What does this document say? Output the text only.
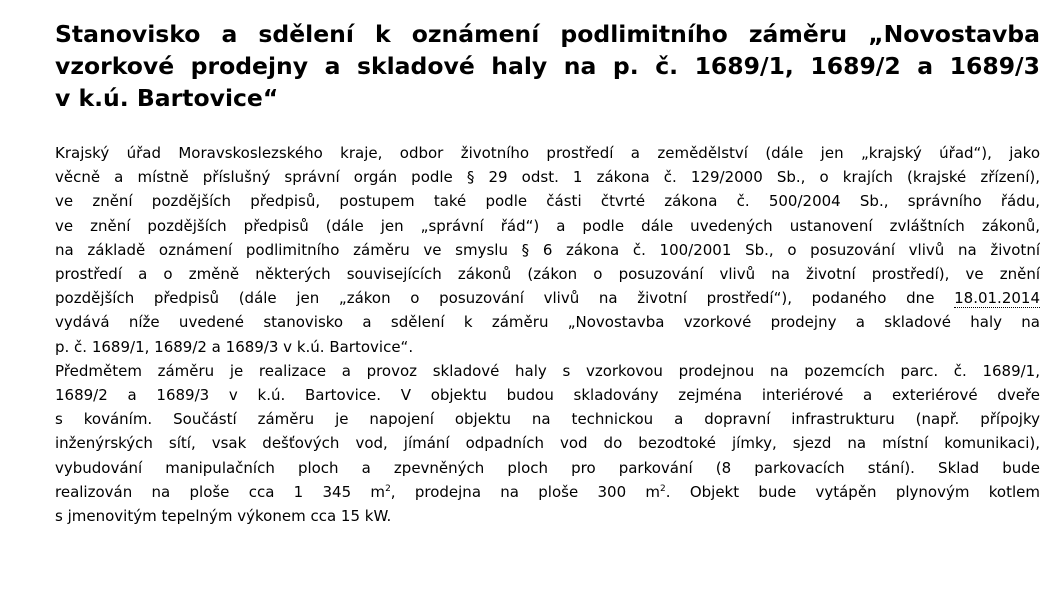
Stanovisko a sdělení k oznámení podlimitního záměru „Novostavba
vzorkové prodejny a skladové haly na p. č. 1689/1, 1689/2 a 1689/3
v k.ú. Bartovice“

Krajský úřad Moravskoslezského kraje, odbor životního prostředí a zemědělství (dále jen „krajský úřad“), jako
věcně a místně příslušný správní orgán podle § 29 odst. 1 zákona č. 129/2000 Sb., o krajích (krajské zřízení),
ve znění pozdějších předpisů, postupem také podle části čtvrté zákona č. 500/2004 Sb., správního řádu,
ve znění pozdějších předpisů (dále jen „správní řád“) a podle dále uvedených ustanovení zvláštních zákonů,
na základě oznámení podlimitního záměru ve smyslu § 6 zákona č. 100/2001 Sb., o posuzování vlivů na životní
prostředí a o změně některých souvisejících zákonů (zákon o posuzování vlivů na životní prostředí), ve znění
pozdějších předpisů (dále jen „zákon o posuzování vlivů na životní prostředí“), podaného dne 18.01.2014
vydává níže uvedené stanovisko a sdělení k záměru „Novostavba vzorkové prodejny a skladové haly na
p. č. 1689/1, 1689/2 a 1689/3 v k.ú. Bartovice“.

Předmětem záměru je realizace a provoz skladové haly s vzorkovou prodejnou na pozemcích parc. č. 1689/1,
1689/2 a 1689/3 v k.ú. Bartovice. V objektu budou skladovány zejména interiérové a exteriérové dveře
s kováním. Součástí záměru je napojení objektu na technickou a dopravní infrastrukturu (např. přípojky
inženýrských sítí, vsak dešťových vod, jímání odpadních vod do bezodtoké jímky, sjezd na místní komunikaci),
vybudování manipulačních ploch a zpevněných ploch pro parkování (8 parkovacích stání). Sklad bude
realizován na ploše cca 1 345 $m^2$, prodejna na ploše 300 $m^2$. Objekt bude vytápěn plynovým kotlem
s jmenovitým tepelným výkonem cca 15 kW.
